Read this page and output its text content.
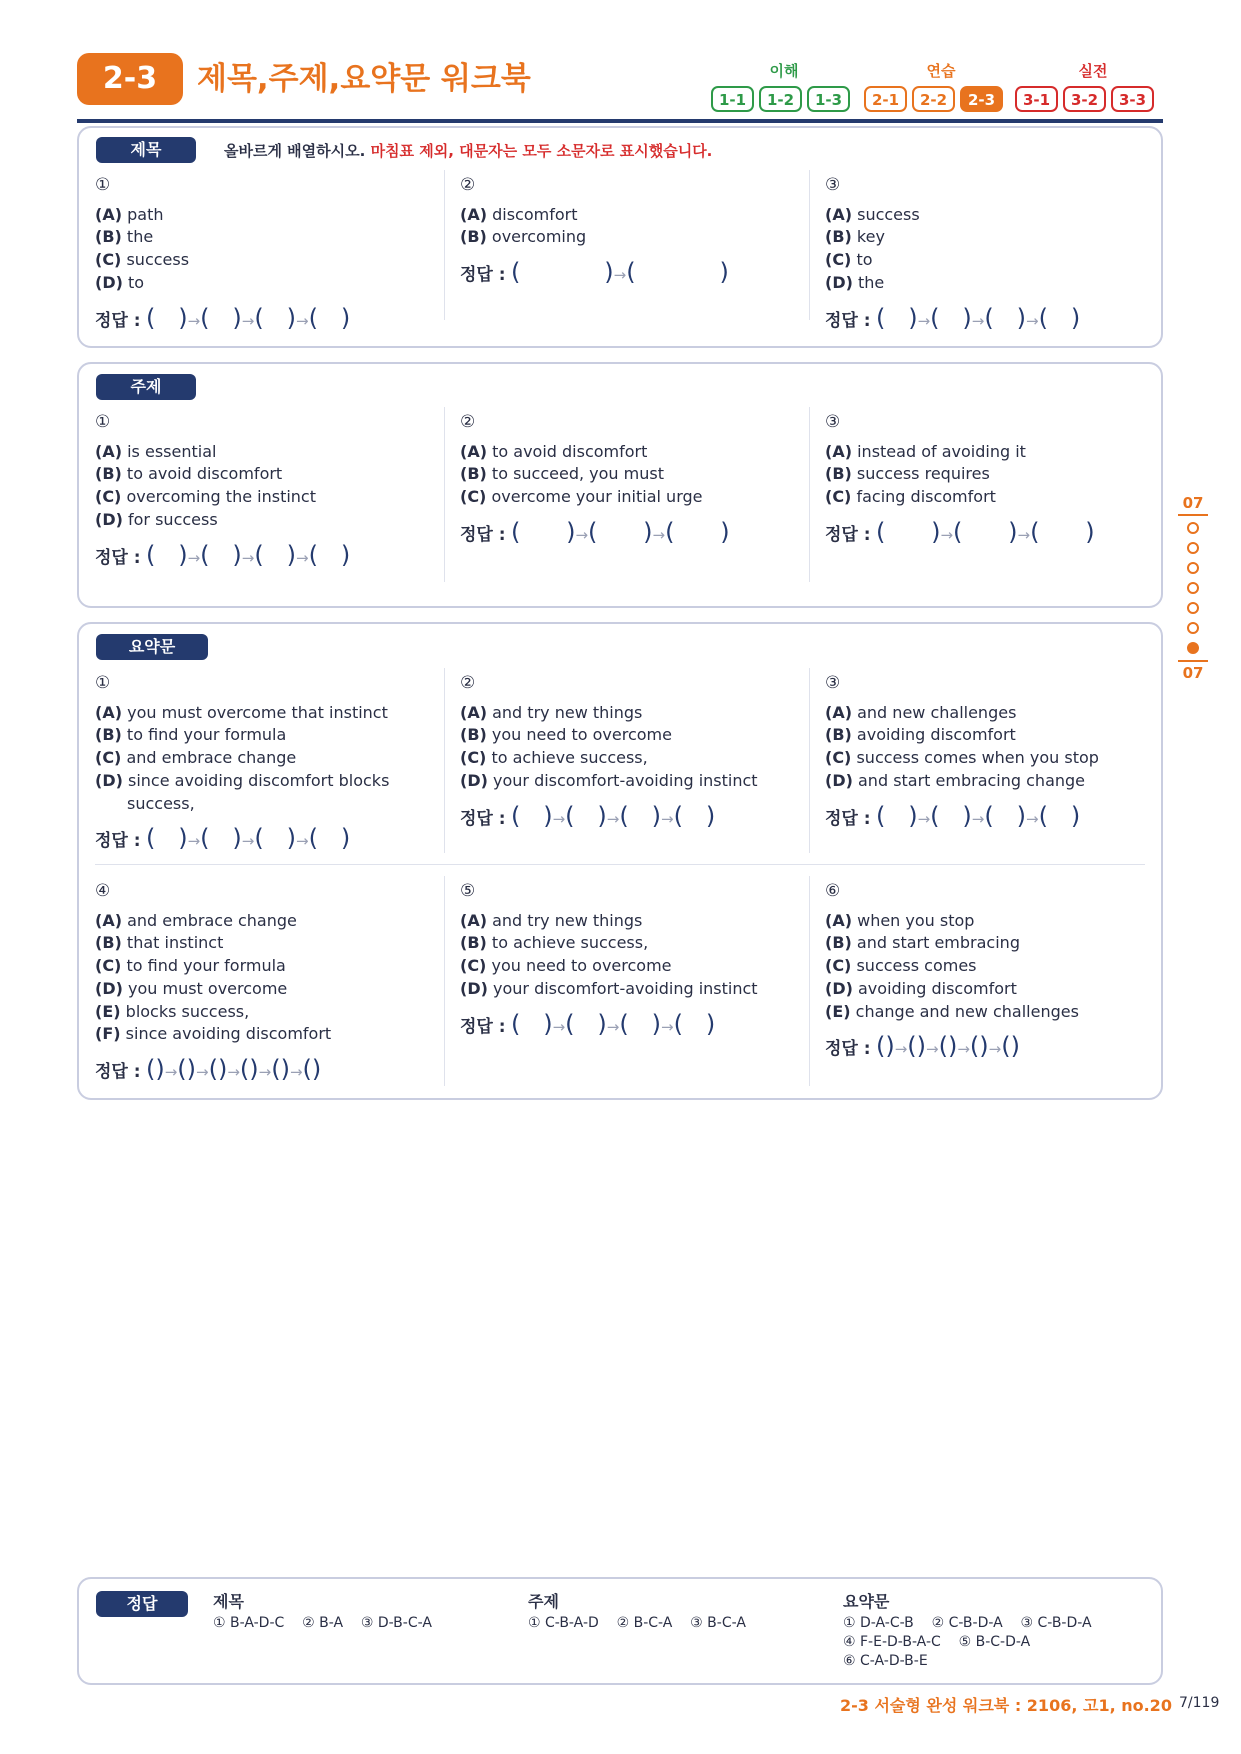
2-3	제목,주제,요약문 워크북	이해	연습	실전
1-1	1-2	1-3	2-1	2-2	2-3	3-1	3-2	3-3
제목	올바르게 배열하시오. 마침표 제외, 대문자는 모두 소문자로 표시했습니다.
①
(A) path
(B) the
(C) success
(D) to
정답 : (   )→(   )→(   )→(   )
②
(A) discomfort
(B) overcoming
정답 : (           )→(           )
③
(A) success
(B) key
(C) to
(D) the
정답 : (   )→(   )→(   )→(   )
주제
①
(A) is essential
(B) to avoid discomfort
(C) overcoming the instinct
(D) for success
정답 : (   )→(   )→(   )→(   )
②
(A) to avoid discomfort
(B) to succeed, you must
(C) overcome your initial urge
정답 : (      )→(      )→(      )
③
(A) instead of avoiding it
(B) success requires
(C) facing discomfort
정답 : (      )→(      )→(      )
요약문
①
(A) you must overcome that instinct
(B) to find your formula
(C) and embrace change
(D) since avoiding discomfort blocks
success,
정답 : (   )→(   )→(   )→(   )
②
(A) and try new things
(B) you need to overcome
(C) to achieve success,
(D) your discomfort-avoiding instinct
정답 : (   )→(   )→(   )→(   )
③
(A) and new challenges
(B) avoiding discomfort
(C) success comes when you stop
(D) and start embracing change
정답 : (   )→(   )→(   )→(   )
④
(A) and embrace change
(B) that instinct
(C) to find your formula
(D) you must overcome
(E) blocks success,
(F) since avoiding discomfort
정답 : ()→()→()→()→()→()
⑤
(A) and try new things
(B) to achieve success,
(C) you need to overcome
(D) your discomfort-avoiding instinct
정답 : (   )→(   )→(   )→(   )
⑥
(A) when you stop
(B) and start embracing
(C) success comes
(D) avoiding discomfort
(E) change and new challenges
정답 : ()→()→()→()→()
07
07
정답	제목
① B-A-D-C ② B-A ③ D-B-C-A
주제
① C-B-A-D ② B-C-A ③ B-C-A
요약문
① D-A-C-B ② C-B-D-A ③ C-B-D-A
④ F-E-D-B-A-C ⑤ B-C-D-A
⑥ C-A-D-B-E
2-3 서술형 완성 워크북 : 2106, 고1, no.20 7/119
